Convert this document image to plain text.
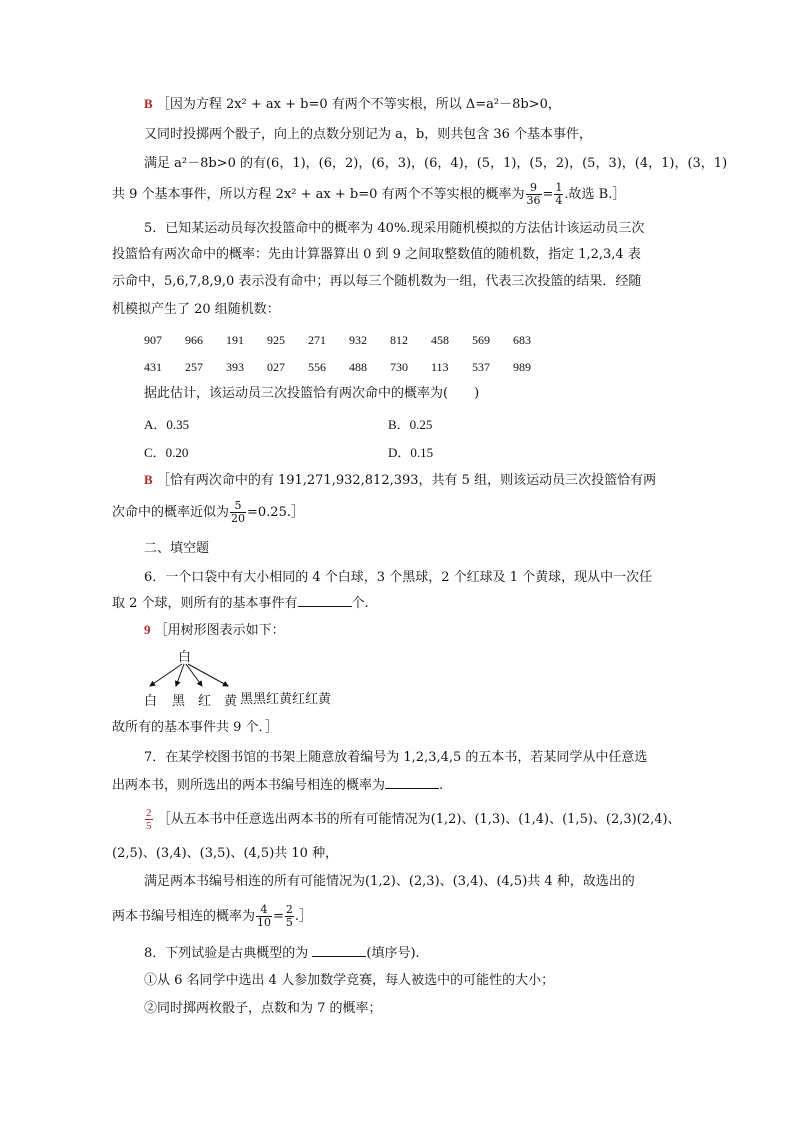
B ［因为方程 2x² + ax + b=0 有两个不等实根，所以 Δ=a²－8b>0，
又同时投掷两个骰子，向上的点数分别记为 a，b，则共包含 36 个基本事件，
满足 a²－8b>0 的有(6，1)，(6，2)，(6，3)，(6，4)，(5，1)，(5，2)，(5，3)，(4，1)，(3，1)
共 9 个基本事件，所以方程 2x² + ax + b=0 有两个不等实根的概率为 $\frac{9}{36} = \frac{1}{4}$ .故选 B.］
5．已知某运动员每次投篮命中的概率为 40%.现采用随机模拟的方法估计该运动员三次
投篮恰有两次命中的概率：先由计算器算出 0 到 9 之间取整数值的随机数，指定 1,2,3,4 表
示命中，5,6,7,8,9,0 表示没有命中；再以每三个随机数为一组，代表三次投篮的结果．经随
机模拟产生了 20 组随机数：
907 966 191 925 271 932 812 458 569 683
431 257 393 027 556 488 730 113 537 989
据此估计，该运动员三次投篮恰有两次命中的概率为(　　)
A．0.35	B．0.25
C．0.20	D．0.15
B ［恰有两次命中的有 191,271,932,812,393，共有 5 组，则该运动员三次投篮恰有两
次命中的概率近似为 $\frac{5}{20}$ =0.25.］
二、填空题
6．一个口袋中有大小相同的 4 个白球，3 个黑球，2 个红球及 1 个黄球，现从中一次任
取 2 个球，则所有的基本事件有	个.
9 ［用树形图表示如下：
白
白 黑 红 黄 黑黑红黄红红黄
故所有的基本事件共 9 个．］
7．在某学校图书馆的书架上随意放着编号为 1,2,3,4,5 的五本书，若某同学从中任意选
出两本书，则所选出的两本书编号相连的概率为	.
$\frac{2}{5}$ ［从五本书中任意选出两本书的所有可能情况为(1,2)、(1,3)、(1,4)、(1,5)、(2,3)(2,4)、
(2,5)、(3,4)、(3,5)、(4,5)共 10 种，
满足两本书编号相连的所有可能情况为(1,2)、(2,3)、(3,4)、(4,5)共 4 种，故选出的
两本书编号相连的概率为 $\frac{4}{10} = \frac{2}{5}$ .］
8．下列试验是古典概型的为	(填序号).
①从 6 名同学中选出 4 人参加数学竞赛，每人被选中的可能性的大小；
②同时掷两枚骰子，点数和为 7 的概率；
